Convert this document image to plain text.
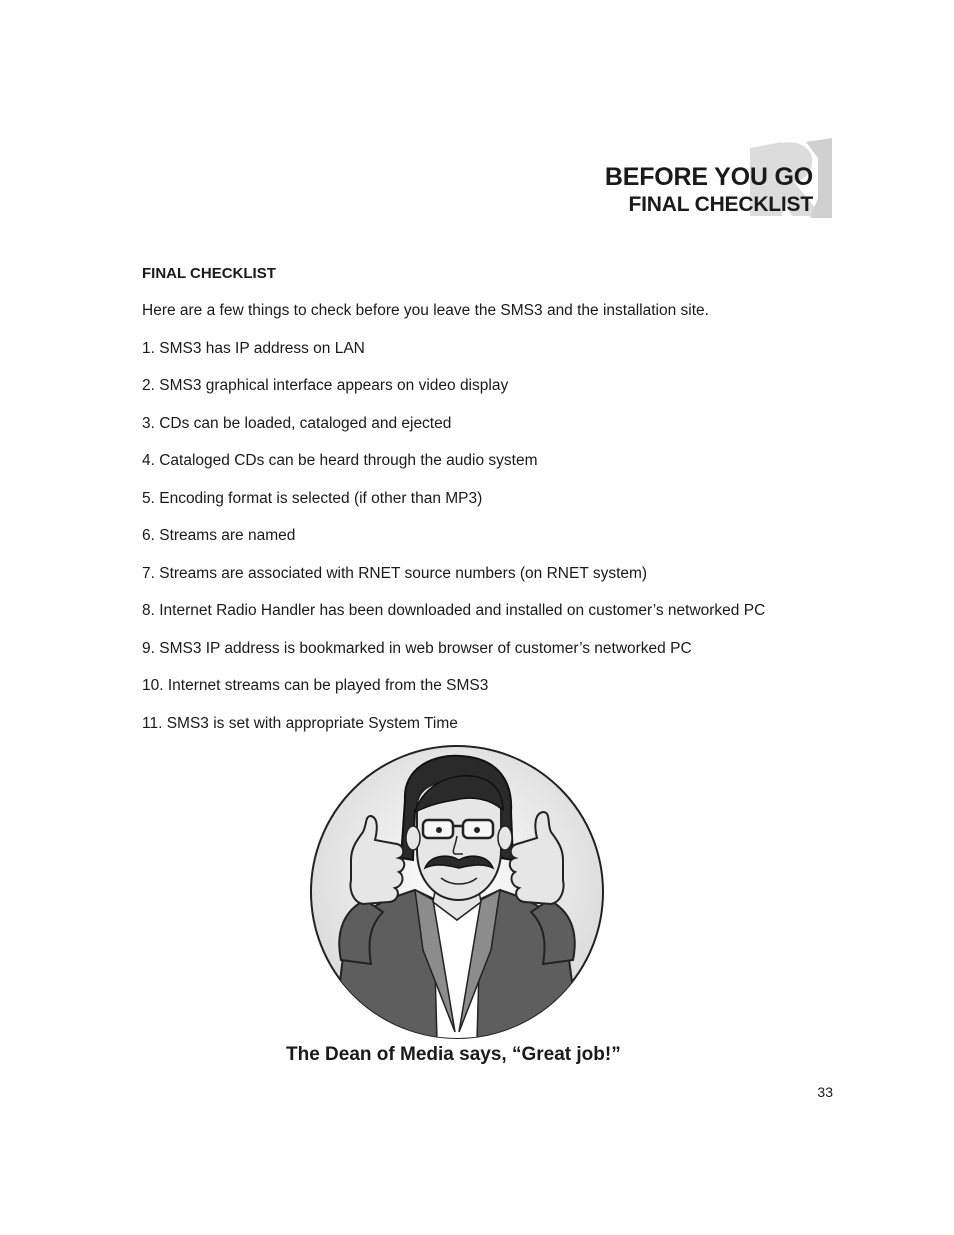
BEFORE YOU GO
FINAL CHECKLIST
FINAL CHECKLIST

Here are a few things to check before you leave the SMS3 and the installation site.

1. SMS3 has IP address on LAN
2. SMS3 graphical interface appears on video display
3. CDs can be loaded, cataloged and ejected
4. Cataloged CDs can be heard through the audio system
5. Encoding format is selected (if other than MP3)
6. Streams are named
7. Streams are associated with RNET source numbers (on RNET system)
8. Internet Radio Handler has been downloaded and installed on customer’s networked PC
9. SMS3 IP address is bookmarked in web browser of customer’s networked PC
10. Internet streams can be played from the SMS3
11. SMS3 is set with appropriate System Time
The Dean of Media says, “Great job!”
33
